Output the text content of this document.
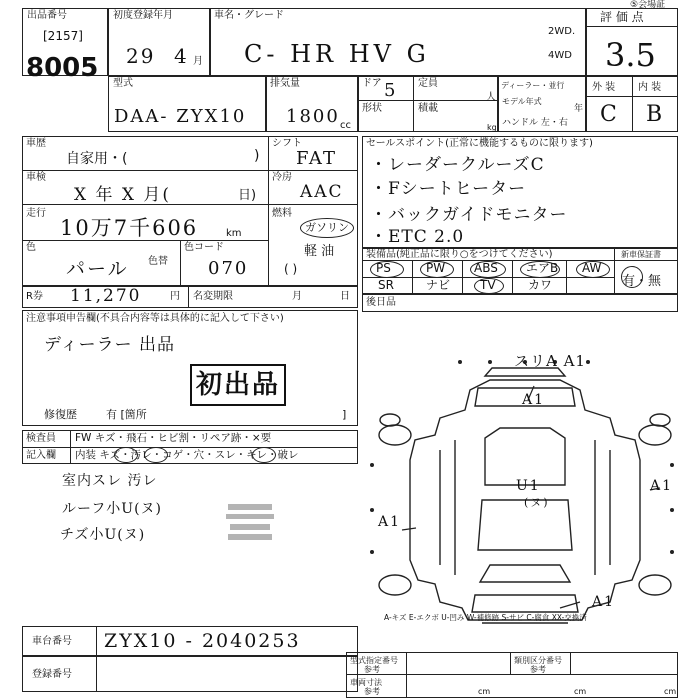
出品番号
[2157]
8005
初度登録年月
29 4 月
車名・グレード
C- HR HV G
2WD.
4WD
評 価 点
3.5
⑤会場証
型式
DAA- ZYX10
排気量
1800 cc
ドア 5 定員
人
形状	積載
kg
ディーラー・並行
モデル年式
年
ハンドル 左・右
外 装 内 装
C B
車歴
自家用・(	)
シフト
FAT
車検
X 年 X 月(	日)
冷房
AAC
走行
10万7千606	km
燃料
ガソリン
軽 油
( )
色
パール 色替
色コード
070
R券 11,270	円 名変期限	月	日
セールスポイント(正常に機能するものに限ります)
・レーダークルーズC
・Fシートヒーター
・バックガイドモニター
・ETC 2.0
装備品(純正品に限り○をつけてください)	新車保証書
有・無
PS	PW ABS エアB AW
SR	ナビ TV	カワ
後日品
注意事項申告欄(不具合内容等は具体的に記入して下さい)
ディーラー 出品
初出品
修復歴	有 [箇所	]
検査員
記入欄
FW キズ・飛石・ヒビ割・リペア跡・×要
内装 キズ・汚レ・コゲ・穴・スレ・キレ・破レ
室内スレ 汚レ
ルーフ小U(ヌ)
チズ小U(ヌ)
スリA A1
A1
A1
A1
U1
(ヌ)
A1
A-キズ E-エクボ U-凹み W-補修跡 S-サビ C-腐食 XX-交換済
車台番号 ZYX10 - 2040253
登録番号
型式指定番号
参考
類別区分番号
参考
車両寸法
参考	cm	cm	cm
